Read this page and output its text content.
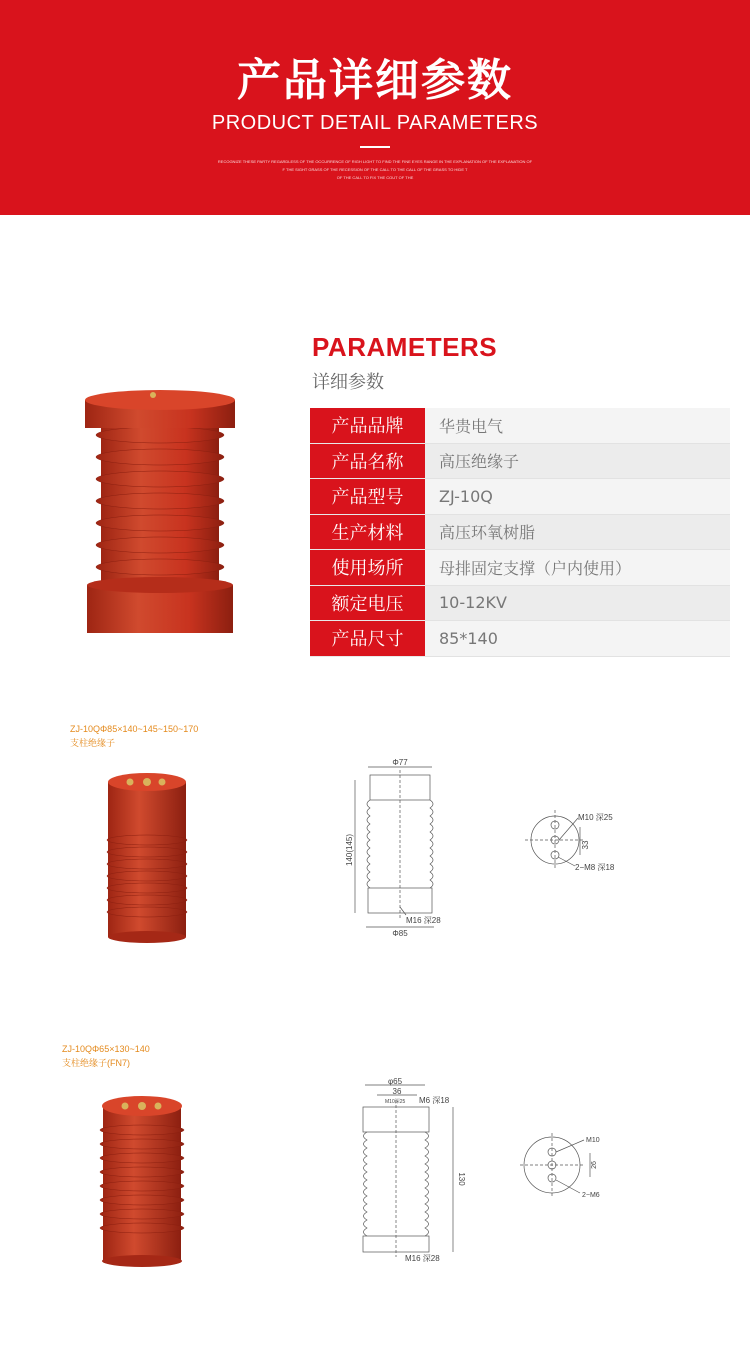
产品详细参数
PRODUCT DETAIL PARAMETERS
RECOGNIZE THESE PARTY REGARDLESS OF THE OCCURRENCE OF RIGH LIGHT TO FIND THE FINE EYES RANGE IN THE EXPLANATION OF THE EXPLANATION OF
F THE SIGHT GRASS OF THE RECESSION OF THE CALL TO THE CALL OF THE GRASS TO HIDE T
OF THE CALL TO FIX THE COUT OF THE
PARAMETERS
详细参数
产品品牌	华贵电气
产品名称	高压绝缘子
产品型号	ZJ-10Q
生产材料	高压环氧树脂
使用场所	母排固定支撑（户内使用）
额定电压	10-12KV
产品尺寸	85*140
ZJ-10QΦ85×140~145~150~170
支柱绝缘子
Φ77
140(145)
Φ85
M16 深28
M10 深25
33
2−M8 深18
ZJ-10QΦ65×130~140
支柱绝缘子(FN7)
φ65
36
M10深25 M6 深18
130
M16 深28
M10
26
2−M6
